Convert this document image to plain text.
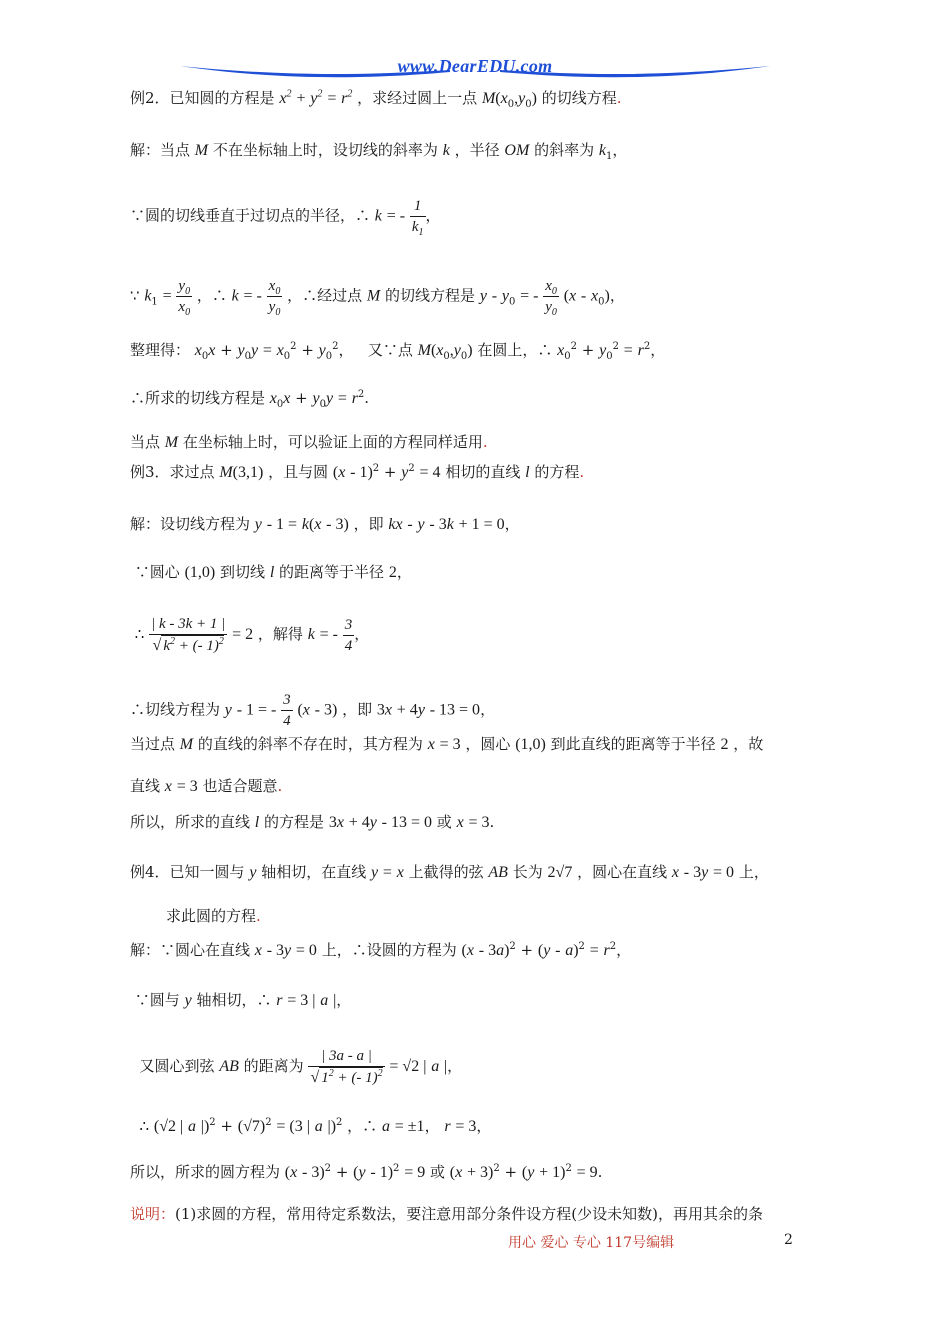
www.DearEDU.com
例2．已知圆的方程是 $x^2 + y^2 = r^2$ ，求经过圆上一点 $M(x_0,y_0)$ 的切线方程.
解：当点 M 不在坐标轴上时，设切线的斜率为 k ，半径 OM 的斜率为 $k_1$，
∵圆的切线垂直于过切点的半径，∴ k = - $\frac{1}{k_1}$ ，
∵ $k_1 = \frac{y_0}{x_0}$ ，∴ k = - $\frac{x_0}{y_0}$ ，∴经过点 M 的切线方程是 y - $y_0$ = - $\frac{x_0}{y_0} (x - x_0)$，
整理得： $x_0x + y_0y = x_0^2 + y_0^2$，   又∵点 $M(x_0,y_0)$ 在圆上，∴ $x_0^2 + y_0^2 = r^2$，
∴所求的切线方程是 $x_0x + y_0y = r^2$.
当点 M 在坐标轴上时，可以验证上面的方程同样适用.
例3．求过点 M(3,1) ，且与圆 $(x - 1)^2 + y^2 = 4$ 相切的直线 l 的方程.
解：设切线方程为 y - 1 = k(x - 3) ，即 kx - y - 3k + 1 = 0，
∵圆心 (1,0) 到切线 l 的距离等于半径 2，
∴ $\frac{| k - 3k + 1 |}{√ k^2 + (- 1)^2} = 2$ ，解得 k = - $\frac{3}{4}$ ，
∴切线方程为 y - 1 = - $\frac{3}{4} (x - 3)$ ，即 3x + 4y - 13 = 0，
当过点 M 的直线的斜率不存在时，其方程为 x = 3 ，圆心 (1,0) 到此直线的距离等于半径 2 ，故
直线 x = 3 也适合题意.
所以，所求的直线 l 的方程是 3x + 4y - 13 = 0 或 x = 3.
例4．已知一圆与 y 轴相切，在直线 y = x 上截得的弦 AB 长为 2√7 ，圆心在直线 x - 3y = 0 上，
求此圆的方程.
解：∵圆心在直线 x - 3y = 0 上，∴设圆的方程为 $(x - 3a)^2 + (y - a)^2 = r^2$，
∵圆与 y 轴相切，∴ r = 3 | a |，
又圆心到弦 AB 的距离为 $\frac{| 3a - a |}{√ 1^2 + (- 1)^2} = √2$ | a |，
∴ (√2 | a $|)^2 + (√7)^2 = (3$ | a |)$^2$ ，∴ a = ±1， r = 3，
所以，所求的圆方程为 (x - 3)$^2$ + (y - 1)$^2$ = 9 或 $(x + 3)^2 + (y + 1)^2 = 9$.
说明：(1)求圆的方程，常用待定系数法，要注意用部分条件设方程(少设未知数)，再用其余的条
用心 爱心 专心 117号编辑	2
